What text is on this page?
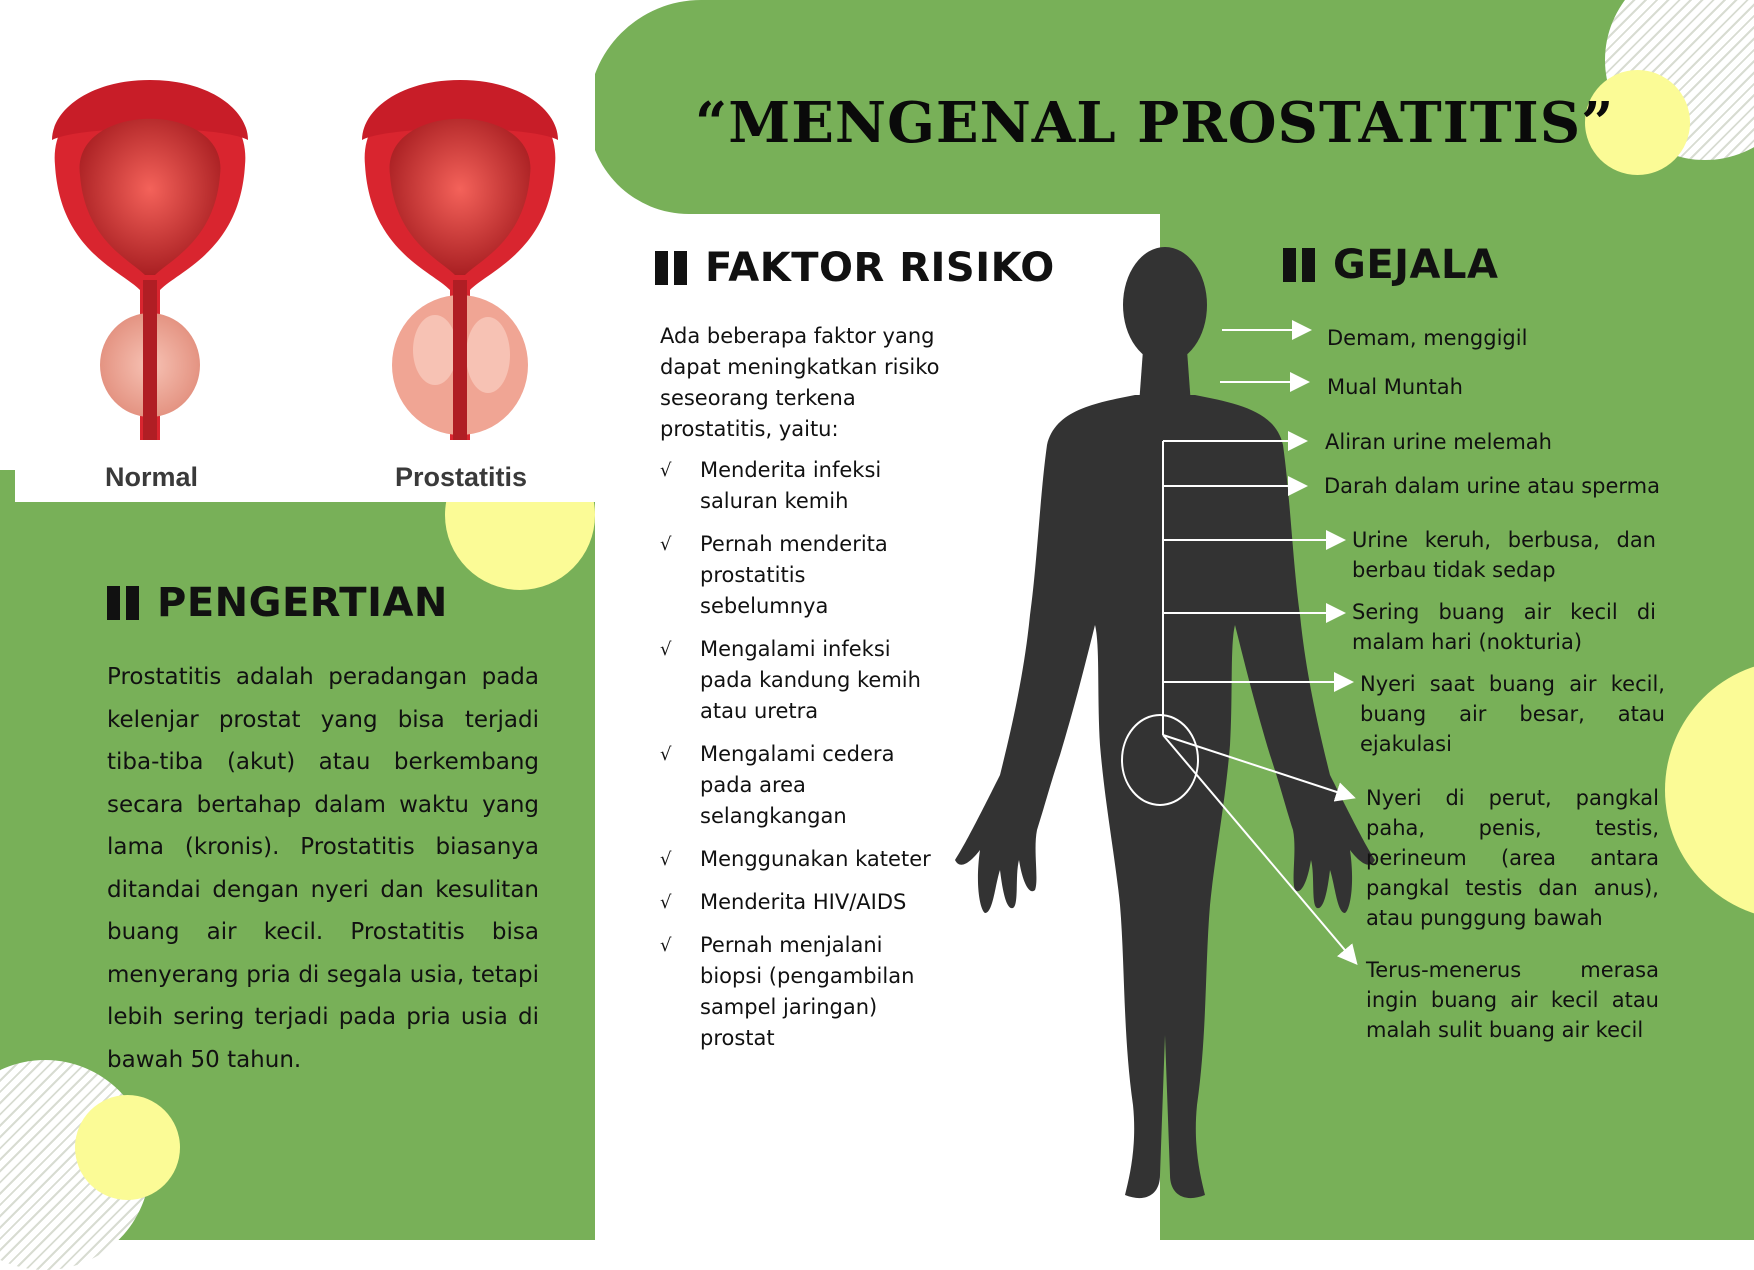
Normal	Prostatitis
“MENGENAL PROSTATITIS”
PENGERTIAN
Prostatitis adalah peradangan pada kelenjar prostat yang bisa terjadi tiba-tiba (akut) atau berkembang secara bertahap dalam waktu yang lama (kronis). Prostatitis biasanya ditandai dengan nyeri dan kesulitan buang air kecil. Prostatitis bisa menyerang pria di segala usia, tetapi lebih sering terjadi pada pria usia di bawah 50 tahun.
FAKTOR RISIKO
Ada beberapa faktor yang dapat meningkatkan risiko seseorang terkena prostatitis, yaitu:
√ Menderita infeksi saluran kemih
√ Pernah menderita prostatitis sebelumnya
√ Mengalami infeksi pada kandung kemih atau uretra
√ Mengalami cedera pada area selangkangan
√ Menggunakan kateter
√ Menderita HIV/AIDS
√ Pernah menjalani biopsi (pengambilan sampel jaringan) prostat
GEJALA
Demam, menggigil
Mual Muntah
Aliran urine melemah
Darah dalam urine atau sperma
Urine keruh, berbusa, dan berbau tidak sedap
Sering buang air kecil di malam hari (nokturia)
Nyeri saat buang air kecil, buang air besar, atau ejakulasi
Nyeri di perut, pangkal paha, penis, testis, perineum (area antara pangkal testis dan anus), atau punggung bawah
Terus-menerus merasa ingin buang air kecil atau malah sulit buang air kecil
